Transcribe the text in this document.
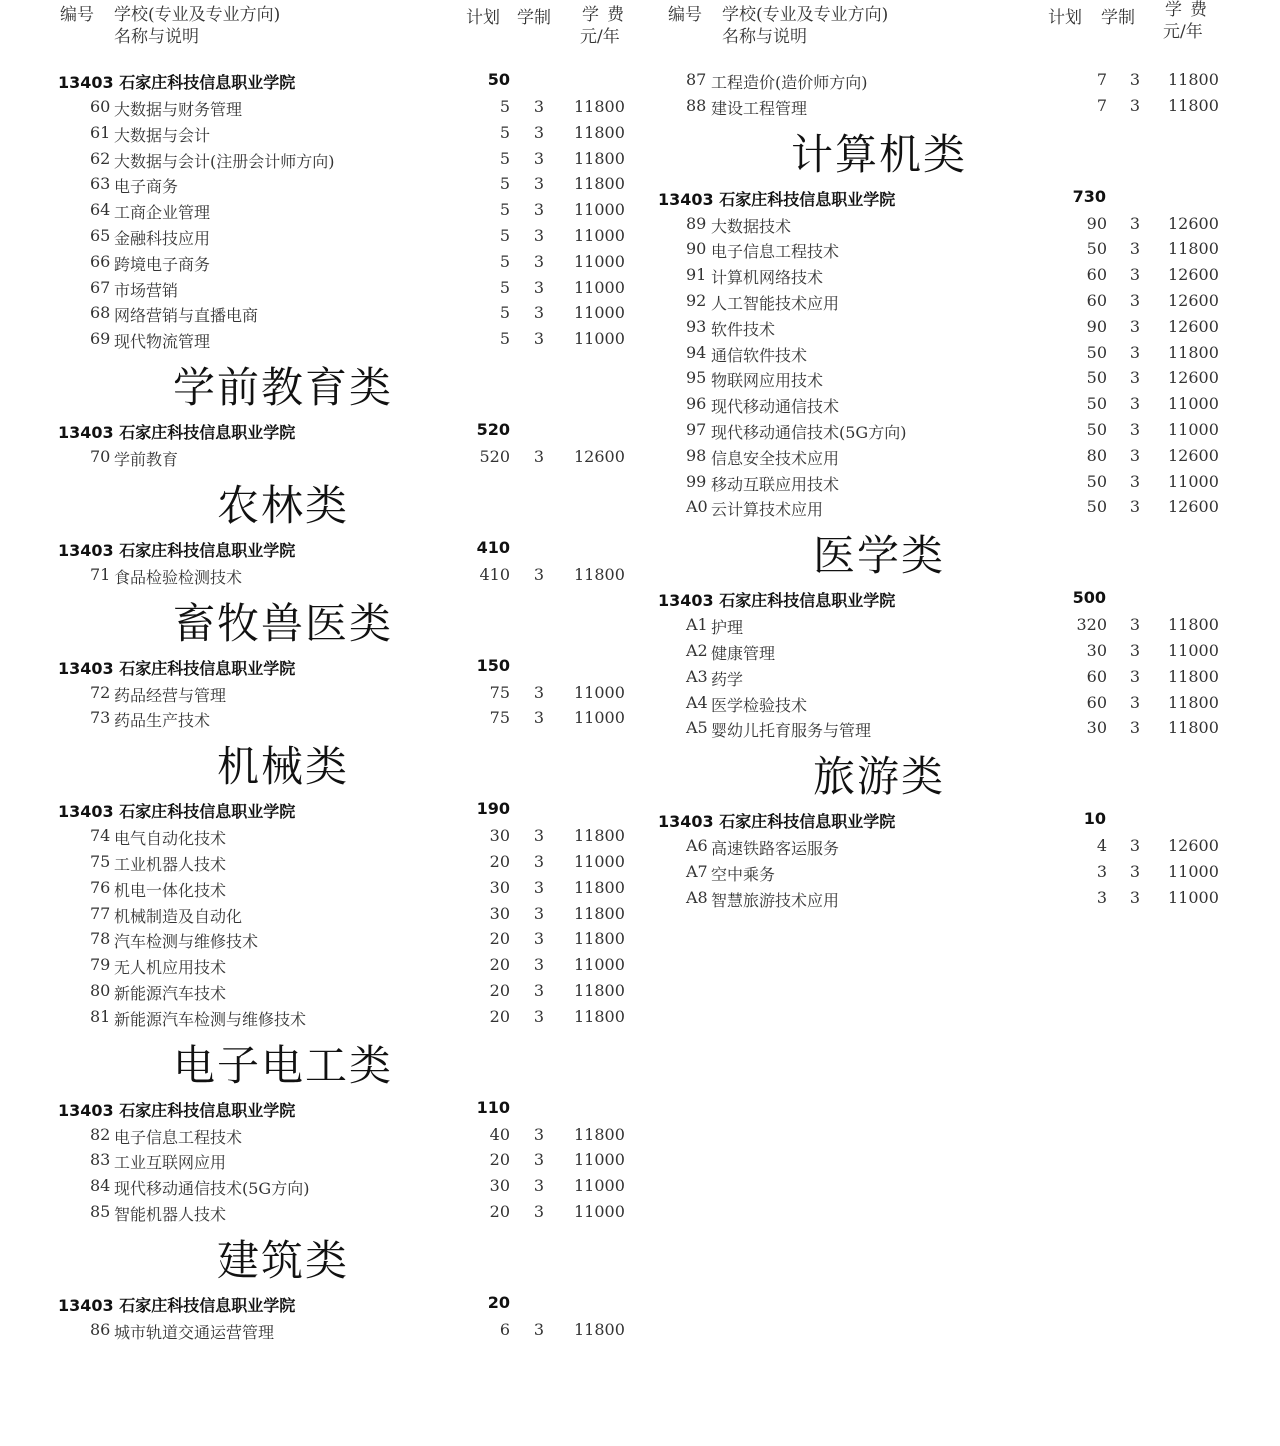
编号 学校(专业及专业方向)
名称与说明
计划 学制 学费
元/年
13403 石家庄科技信息职业学院	50
60 大数据与财务管理	5 3 11800
61 大数据与会计	5 3 11800
62 大数据与会计(注册会计师方向)	5 3 11800
63 电子商务	5 3 11800
64 工商企业管理	5 3 11000
65 金融科技应用	5 3 11000
66 跨境电子商务	5 3 11000
67 市场营销	5 3 11000
68 网络营销与直播电商	5 3 11000
69 现代物流管理	5 3 11000
学前教育类
13403 石家庄科技信息职业学院	520
70 学前教育	520 3 12600
农林类
13403 石家庄科技信息职业学院	410
71 食品检验检测技术	410 3 11800
畜牧兽医类
13403 石家庄科技信息职业学院	150
72 药品经营与管理	75 3 11000
73 药品生产技术	75 3 11000
机械类
13403 石家庄科技信息职业学院	190
74 电气自动化技术	30 3 11800
75 工业机器人技术	20 3 11000
76 机电一体化技术	30 3 11800
77 机械制造及自动化	30 3 11800
78 汽车检测与维修技术	20 3 11800
79 无人机应用技术	20 3 11000
80 新能源汽车技术	20 3 11800
81 新能源汽车检测与维修技术	20 3 11800
电子电工类
13403 石家庄科技信息职业学院	110
82 电子信息工程技术	40 3 11800
83 工业互联网应用	20 3 11000
84 现代移动通信技术(5G方向)	30 3 11000
85 智能机器人技术	20 3 11000
建筑类
13403 石家庄科技信息职业学院	20
86 城市轨道交通运营管理	6 3 11800
编号 学校(专业及专业方向)
名称与说明
计划 学制 学费
元/年
87 工程造价(造价师方向)	7 3 11800
88 建设工程管理	7 3 11800
计算机类
13403 石家庄科技信息职业学院	730
89 大数据技术	90 3 12600
90 电子信息工程技术	50 3 11800
91 计算机网络技术	60 3 12600
92 人工智能技术应用	60 3 12600
93 软件技术	90 3 12600
94 通信软件技术	50 3 11800
95 物联网应用技术	50 3 12600
96 现代移动通信技术	50 3 11000
97 现代移动通信技术(5G方向)	50 3 11000
98 信息安全技术应用	80 3 12600
99 移动互联应用技术	50 3 11000
A0 云计算技术应用	50 3 12600
医学类
13403 石家庄科技信息职业学院	500
A1 护理	320 3 11800
A2 健康管理	30 3 11000
A3 药学	60 3 11800
A4 医学检验技术	60 3 11800
A5 婴幼儿托育服务与管理	30 3 11800
旅游类
13403 石家庄科技信息职业学院	10
A6 高速铁路客运服务	4 3 12600
A7 空中乘务	3 3 11000
A8 智慧旅游技术应用	3 3 11000
